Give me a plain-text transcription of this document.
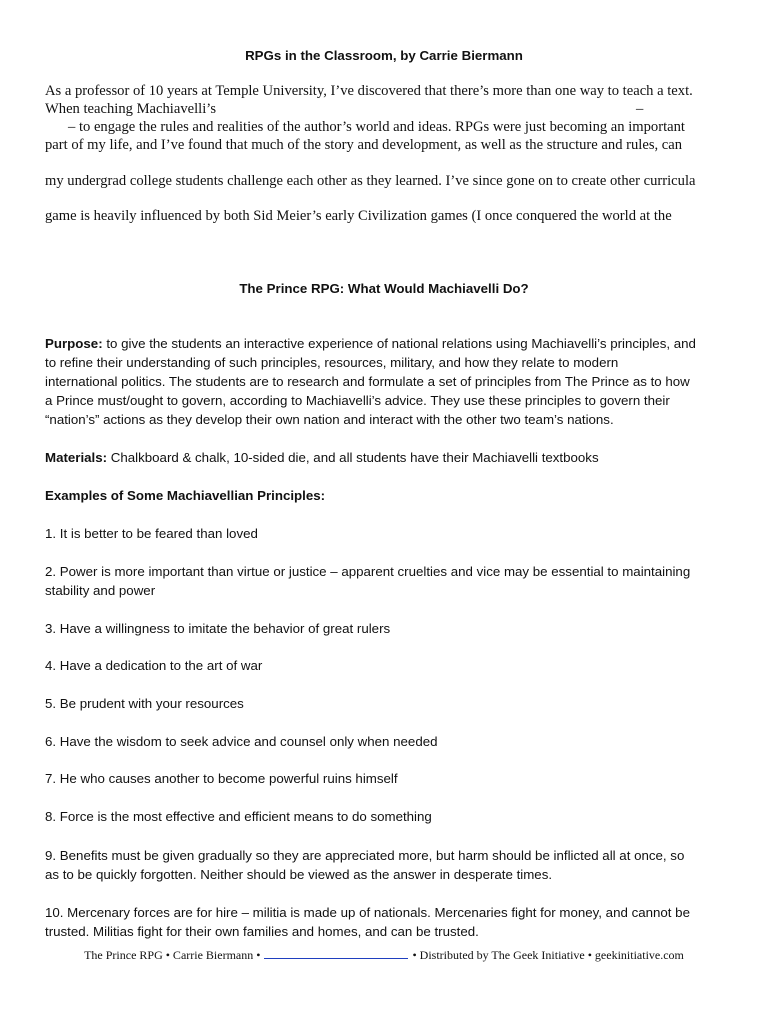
RPGs in the Classroom, by Carrie Biermann
As a professor of 10 years at Temple University, I’ve discovered that there’s more than one way to teach a text.
When teaching Machiavelli’s	–
– to engage the rules and realities of the author’s world and ideas. RPGs were just becoming an important
part of my life, and I’ve found that much of the story and development, as well as the structure and rules, can
my undergrad college students challenge each other as they learned. I’ve since gone on to create other curricula
game is heavily influenced by both Sid Meier’s early Civilization games (I once conquered the world at the
The Prince RPG: What Would Machiavelli Do?
Purpose: to give the students an interactive experience of national relations using Machiavelli’s principles, and
to refine their understanding of such principles, resources, military, and how they relate to modern
international politics. The students are to research and formulate a set of principles from The Prince as to how
a Prince must/ought to govern, according to Machiavelli’s advice. They use these principles to govern their
“nation’s” actions as they develop their own nation and interact with the other two team’s nations.
Materials: Chalkboard & chalk, 10-sided die, and all students have their Machiavelli textbooks
Examples of Some Machiavellian Principles:
1. It is better to be feared than loved
2. Power is more important than virtue or justice – apparent cruelties and vice may be essential to maintaining
stability and power
3. Have a willingness to imitate the behavior of great rulers
4. Have a dedication to the art of war
5. Be prudent with your resources
6. Have the wisdom to seek advice and counsel only when needed
7. He who causes another to become powerful ruins himself
8. Force is the most effective and efficient means to do something
9. Benefits must be given gradually so they are appreciated more, but harm should be inflicted all at once, so
as to be quickly forgotten. Neither should be viewed as the answer in desperate times.
10. Mercenary forces are for hire – militia is made up of nationals. Mercenaries fight for money, and cannot be
trusted. Militias fight for their own families and homes, and can be trusted.
The Prince RPG • Carrie Biermann •	• Distributed by The Geek Initiative • geekinitiative.com
